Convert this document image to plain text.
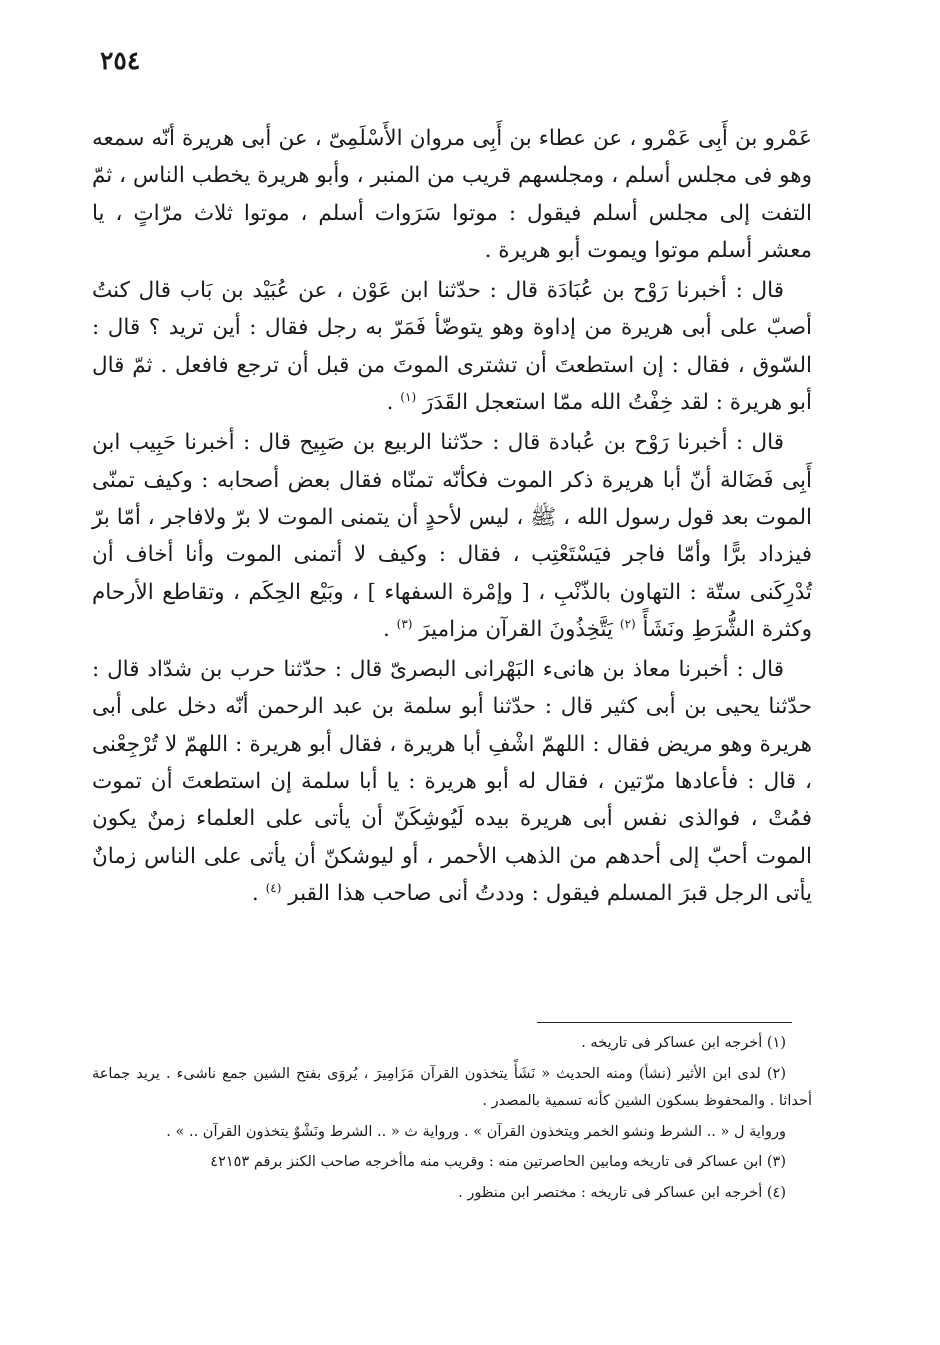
٢٥٤

عَمْرو بن أَبِى عَمْرو ، عن عطاء بن أَبِى مروان الأَسْلَمِىّ ، عن أبى هريرة أنّه سمعه وهو فى مجلس أسلم ، ومجلسهم قريب من المنبر ، وأبو هريرة يخطب الناس ، ثمّ التفت إلى مجلس أسلم فيقول : موتوا سَرَوات أسلم ، موتوا ثلاث مرّاتٍ ، يا معشر أسلم موتوا ويموت أبو هريرة .

قال : أخبرنا رَوْح بن عُبَادَة قال : حدّثنا ابن عَوْن ، عن عُبَيْد بن بَاب قال كنتُ أصبّ على أبى هريرة من إداوة وهو يتوضّأ فَمَرّ به رجل فقال : أين تريد ؟ قال : السّوق ، فقال : إن استطعتَ أن تشترى الموتَ من قبل أن ترجع فافعل . ثمّ قال أبو هريرة : لقد خِفْتُ الله ممّا استعجل القَدَرَ $^{(١)}$ .

قال : أخبرنا رَوْح بن عُبادة قال : حدّثنا الربيع بن صَبِيح قال : أخبرنا حَبِيب ابن أَبِى فَضَالة أنّ أبا هريرة ذكر الموت فكأنّه تمنّاه فقال بعض أصحابه : وكيف تمنّى الموت بعد قول رسول الله ، ﷺ ، ليس لأحدٍ أن يتمنى الموت لا برّ ولافاجر ، أمّا برّ فيزداد برًّا وأمّا فاجر فيَسْتَعْتِب ، فقال : وكيف لا أتمنى الموت وأنا أخاف أن تُدْرِكَنى ستّة : التهاون بالذّنْبِ ، [ وإمْرة السفهاء ] ، وبَيْع الحِكَم ، وتقاطع الأرحام وكثرة الشُّرَطِ ونَشَأً $^{(٢)}$ يَتَّخِذُونَ القرآن مزاميرَ $^{(٣)}$ .

قال : أخبرنا معاذ بن هانىء البَهْرانى البصرىّ قال : حدّثنا حرب بن شدّاد قال : حدّثنا يحيى بن أبى كثير قال : حدّثنا أبو سلمة بن عبد الرحمن أنّه دخل على أبى هريرة وهو مريض فقال : اللهمّ اشْفِ أبا هريرة ، فقال أبو هريرة : اللهمّ لا تُرْجِعْنى ، قال : فأعادها مرّتين ، فقال له أبو هريرة : يا أبا سلمة إن استطعتَ أن تموت فمُتْ ، فوالذى نفس أبى هريرة بيده لَيُوشِكَنّ أن يأتى على العلماء زمنٌ يكون الموت أحبّ إلى أحدهم من الذهب الأحمر ، أو ليوشكنّ أن يأتى على الناس زمانٌ يأتى الرجل قبرَ المسلم فيقول : وددتُ أنى صاحب هذا القبر $^{(٤)}$ .

(١) أخرجه ابن عساكر فى تاريخه .

(٢) لدى ابن الأثير (نشأ) ومنه الحديث « نَشَأً يتخذون القرآن مَزَامِيرَ ، يُروَى بفتح الشين جمع ناشىء . يريد جماعة أحداثا . والمحفوظ بسكون الشين كأنه تسمية بالمصدر .

ورواية ل « .. الشرط ونشو الخمر ويتخذون القرآن » . ورواية ث « .. الشرط ونَشْوٌ يتخذون القرآن .. » .

(٣) ابن عساكر فى تاريخه ومابين الحاصرتين منه : وقريب منه ماأخرجه صاحب الكنز برقم ٤٢١٥٣

(٤) أخرجه ابن عساكر فى تاريخه : مختصر ابن منظور .
